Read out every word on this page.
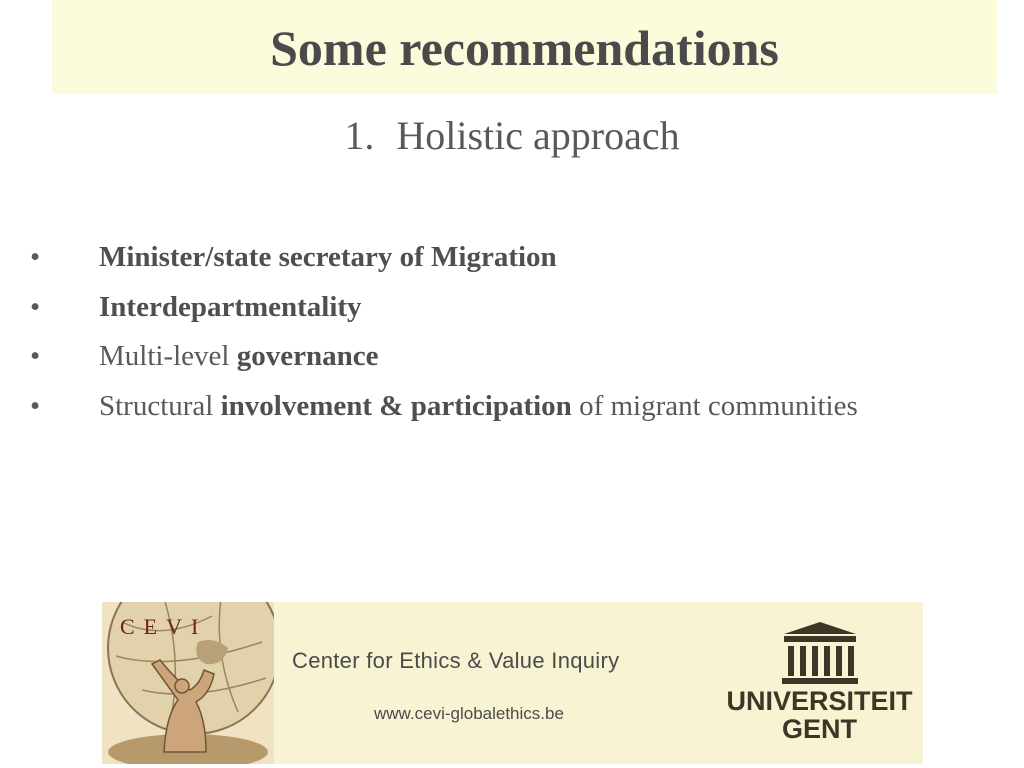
Some recommendations
1. Holistic approach
• Minister/state secretary of Migration
• Interdepartmentality
• Multi-level governance
• Structural involvement & participation of migrant communities
CEVI
Center for Ethics & Value Inquiry
www.cevi-globalethics.be	UNIVERSITEIT
GENT
